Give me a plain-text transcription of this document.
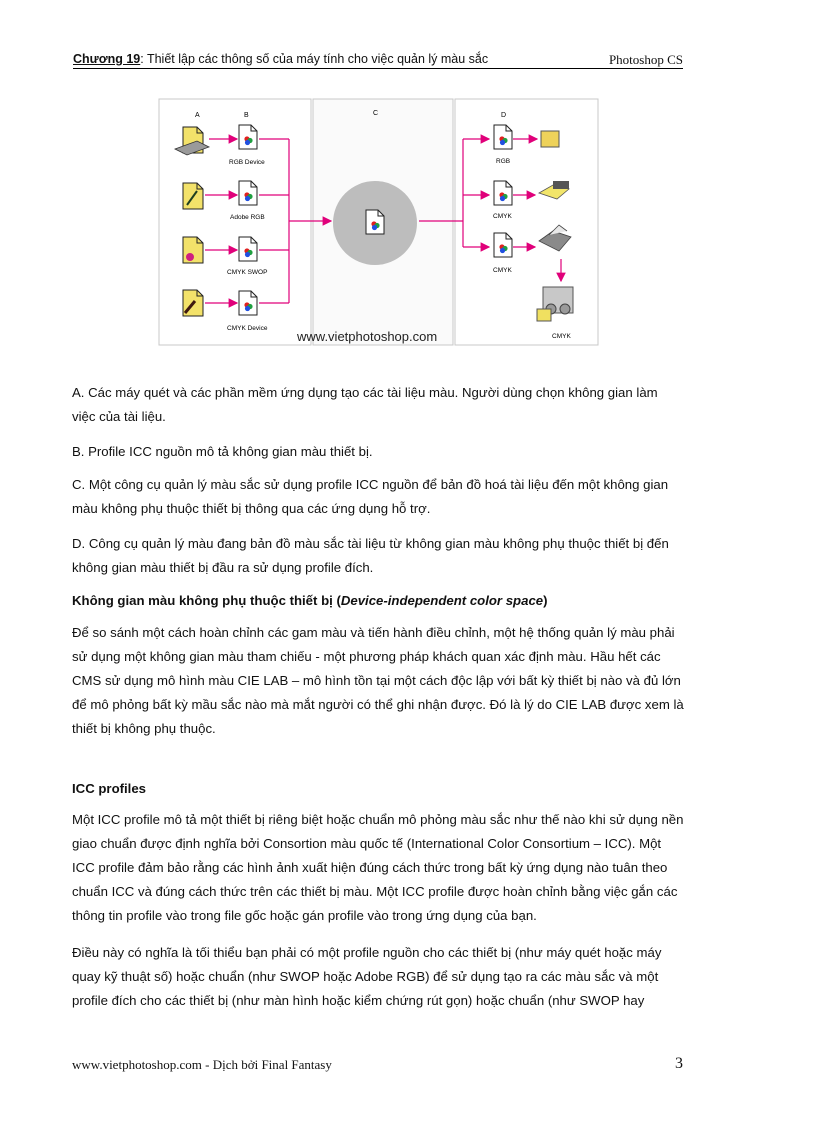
Chương 19: Thiết lập các thông số của máy tính cho việc quản lý màu sắc	Photoshop CS
A	B	C	D
RGB Device
Adobe RGB
CMYK SWOP
CMYK Device
RGB
CMYK
CMYK
CMYK
www.vietphotoshop.com

A. Các máy quét và các phần mềm ứng dụng tạo các tài liệu màu. Người dùng chọn không gian làm việc của tài liệu.

B. Profile ICC nguồn mô tả không gian màu thiết bị.

C. Một công cụ quản lý màu sắc sử dụng profile ICC nguồn để bản đồ hoá tài liệu đến một không gian màu không phụ thuộc thiết bị thông qua các ứng dụng hỗ trợ.

D. Công cụ quản lý màu đang bản đồ màu sắc tài liệu từ không gian màu không phụ thuộc thiết bị đến không gian màu thiết bị đầu ra sử dụng profile đích.

Không gian màu không phụ thuộc thiết bị (Device-independent color space)

Để so sánh một cách hoàn chỉnh các gam màu và tiến hành điều chỉnh, một hệ thống quản lý màu phải sử dụng một không gian màu tham chiếu - một phương pháp khách quan xác định màu. Hầu hết các CMS sử dụng mô hình màu CIE LAB – mô hình tồn tại một cách độc lập với bất kỳ thiết bị nào và đủ lớn để mô phỏng bất kỳ mầu sắc nào mà mắt người có thể ghi nhận được. Đó là lý do CIE LAB được xem là thiết bị không phụ thuộc.

ICC profiles

Một ICC profile mô tả một thiết bị riêng biệt hoặc chuẩn mô phỏng màu sắc như thế nào khi sử dụng nền giao chuẩn được định nghĩa bởi Consortion màu quốc tế (International Color Consortium – ICC). Một ICC profile đảm bảo rằng các hình ảnh xuất hiện đúng cách thức trong bất kỳ ứng dụng nào tuân theo chuẩn ICC và đúng cách thức trên các thiết bị màu. Một ICC profile được hoàn chỉnh bằng việc gắn các thông tin profile vào trong file gốc hoặc gán profile vào trong ứng dụng của bạn.

Điều này có nghĩa là tối thiểu bạn phải có một profile nguồn cho các thiết bị (như máy quét hoặc máy quay kỹ thuật số) hoặc chuẩn (như SWOP hoặc Adobe RGB) để sử dụng tạo ra các màu sắc và một profile đích cho các thiết bị (như màn hình hoặc kiểm chứng rút gọn) hoặc chuẩn (như SWOP hay

www.vietphotoshop.com - Dịch bởi Final Fantasy	3
